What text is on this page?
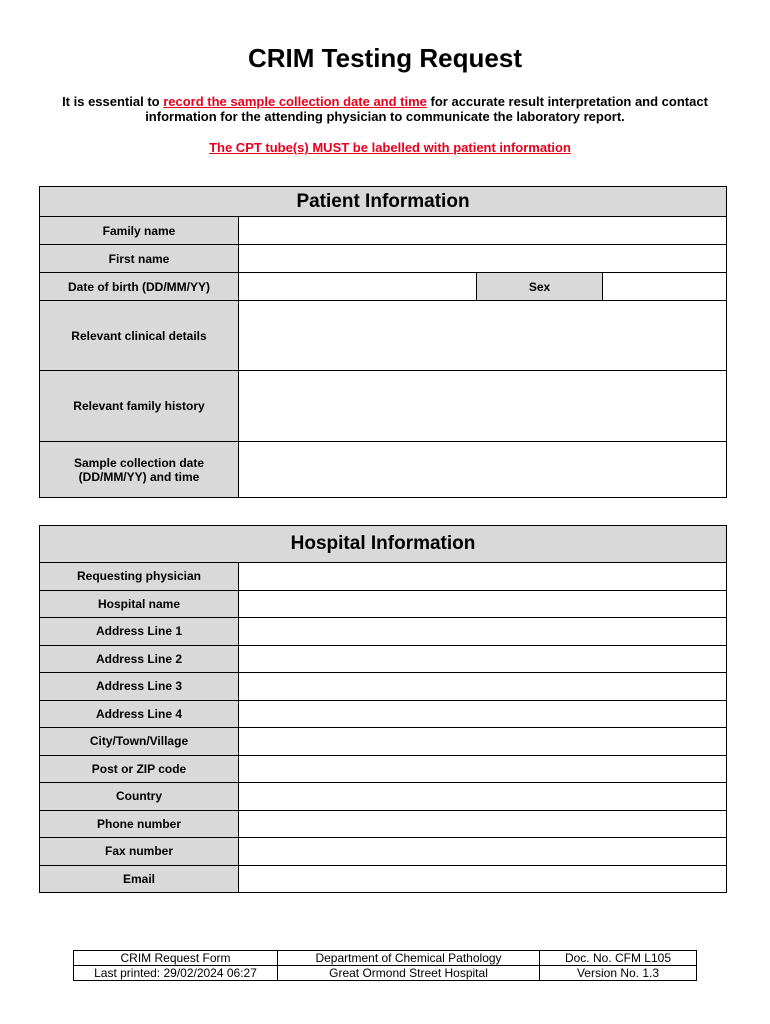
CRIM Testing Request
It is essential to record the sample collection date and time for accurate result interpretation and contact information for the attending physician to communicate the laboratory report.
The CPT tube(s) MUST be labelled with patient information
Patient Information			
Family name			
First name			
Date of birth (DD/MM/YY)		Sex	
Relevant clinical details			
Relevant family history			
Sample collection date
(DD/MM/YY) and time			
Hospital Information	
Requesting physician	
Hospital name	
Address Line 1	
Address Line 2	
Address Line 3	
Address Line 4	
City/Town/Village	
Post or ZIP code	
Country	
Phone number	
Fax number	
Email	
CRIM Request Form	Department of Chemical Pathology	Doc. No. CFM L105
Last printed: 29/02/2024 06:27	Great Ormond Street Hospital	Version No. 1.3
